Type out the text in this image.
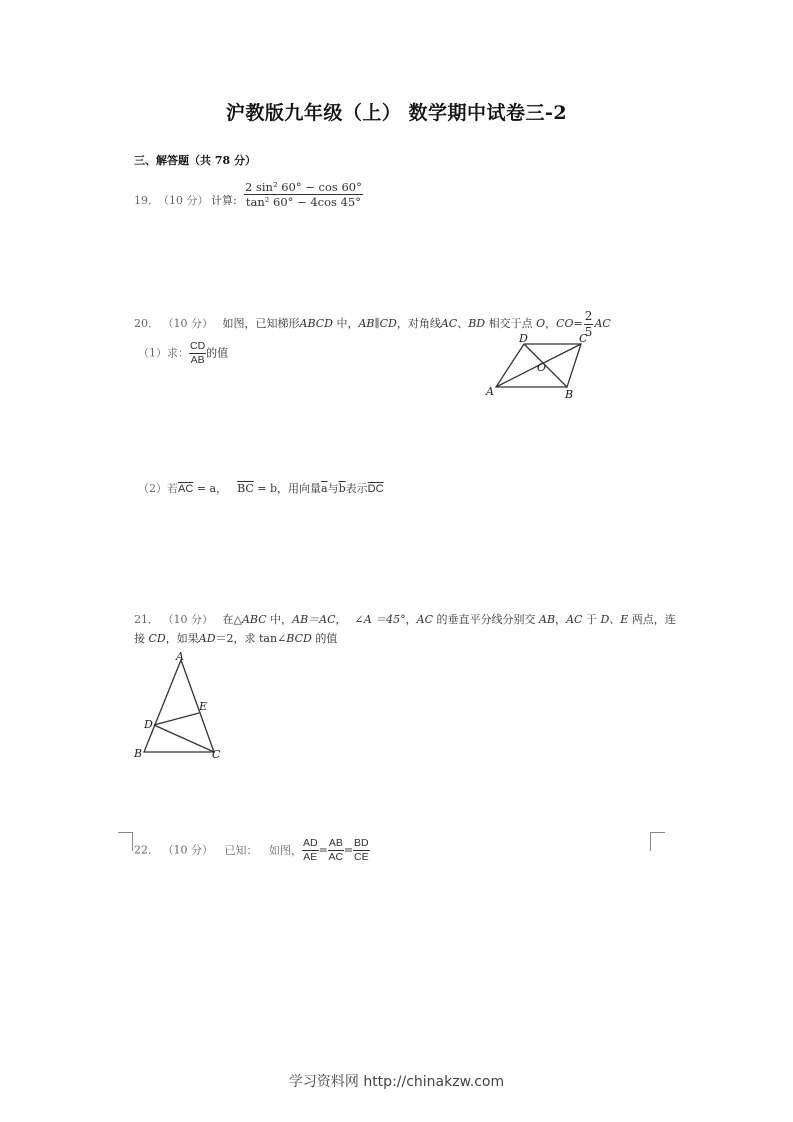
沪教版九年级（上） 数学期中试卷三-2
三、解答题（共 78 分）
19． （10 分） 计算: $\frac{\text{2 sin² 60° − cos 60°}}{\text{tan² 60° − 4cos 45°}}$
20． （10 分） 如图，已知梯形ABCD 中，AB∥CD，对角线AC、BD 相交于点 O，$CO= \frac{2}{5}$ AC
（1）求： $\frac{CD}{AB}$ 的值
D	C
O
A	B
（2）若$\overline{AC} = a$， $\overline{BC} = b$，用向量$\overline{a}$与$\overline{b}$表示$\overline{DC}$
21． （10 分） 在△ABC 中，AB＝AC， ∠A ＝45°，AC 的垂直平分线分别交 AB，AC 于 D、E 两点，连
接 CD，如果AD＝2，求 tan∠BCD 的值
A
E
D
B	C
22． （10 分） 已知： 如图， $\frac{AD}{AE} = \frac{AB}{AC} = \frac{BD}{CE}$
学习资料网 http://chinakzw.com
